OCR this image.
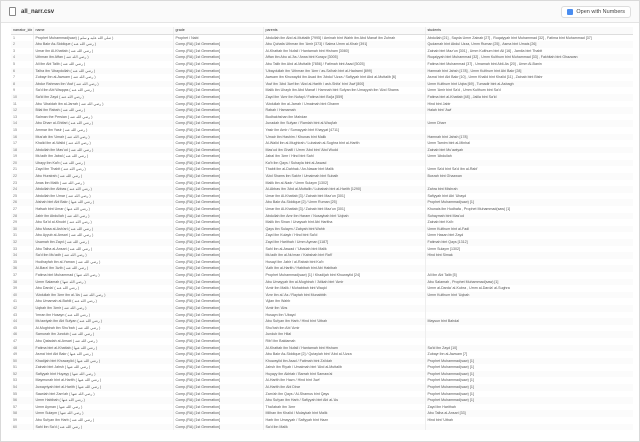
all_narr.csv	Open with Numbers
narrator_idx	name	grade	parents	students
1	Prophet Muhammad(saw) ( صلى الله عليه و سلم )	Prophet / Nabi	Abdullah ibn Abd al-Muttalib [7995] / Aminah bint Wahb ibn Abd Manaf ibn Zuhrah	Abdullah [21] , Sayda Umm Zainab [27] , Ruqaiyyah bint Muhammad [32] , Fatima bint Muhammad [37]
2	Abu Bakr As-Siddique ( رضي الله عنه )	Comp.(RA) [1st Generation]	Abu Quhafa Uthman ibn 'Amir [373] / Salma Umm al-Khair [391]	Qudamah bint Abdul Uzza, Umm Ruman [25] , Asma bint Umais [26]
3	Umar ibn Al-Khattab ( رضي الله عنه )	Comp.(RA) [1st Generation]	Al-Khattab ibn Nufail / Hantamah bint Hisham [3080]	Zainab bint Maz'un [301] , Umm Kulthum bint Ali [16] , Jamila bint Thabit
4	Uthman ibn Affan ( رضي الله عنه )	Comp.(RA) [1st Generation]	Affan ibn Abu al-'As / Arwa bint Kurayz [3005]	Ruqaiyyah bint Muhammad [32] , Umm Kulthum bint Muhammad [33] , Fakhitah bint Ghazwan
5	Ali ibn Abi Talib ( رضي الله عنه )	Comp.(RA) [1st Generation]	Abu Talib ibn Abd al-Muttalib [7856] / Fatimah bint Asad [5025]	Fatima bint Muhammad [37] , Umamah bint Abil-As [20] , Umm Al-Banin
6	Talha ibn 'Ubaydullah ( رضي الله عنه )	Comp.(RA) [1st Generation]	'Ubaydullah ibn 'Uthman ibn 'Amr / as-Sa'bah bint al-Hadrami [899]	Hamnah bint Jahsh [178] , Umm Kulthum bint Abi Bakr [28]
7	Zubayr ibn al-Awwam ( رضي الله عنه )	Comp.(RA) [1st Generation]	Awwam ibn Khuwaylid ibn Asad ibn 'Abdul 'Uzza / Safiyyah bint Abd al-Muttalib [6]	Asma' bint Abi Bakr [10] , Umm Khalid bint Khalid [11] , Zainab bint Bishr
8	Abdur Rahman ibn 'Awf ( رضي الله عنه )	Comp.(RA) [1st Generation]	'Awf ibn 'Abd 'Awf ibn 'Abd al-Harith / ash-Shifa' bint 'Awf [800]	Umm Kulthum bint Uqba [69] , Tumadir bint al-Asbagh
9	Sa'd ibn Abi Waqqas ( رضي الله عنه )	Comp.(RA) [1st Generation]	Malik ibn Uhayb ibn Abd Manaf / Hamnah bint Sufyan ibn Umayyah ibn 'Abd Shams	Umm 'Amir bint Sa'd , Umm Kulthum bint Sa'd
10	Sa'id ibn Zayd ( رضي الله عنه )	Comp.(RA) [1st Generation]	Zayd ibn 'Amr ibn Nufayl / Fatima bint Ba'ja [559]	Fatima bint al-Khattab [48] , Jalila bint Sa'id
11	Abu 'Ubaidah ibn al-Jarrah ( رضي الله عنه )	Comp.(RA) [1st Generation]	'Abdullah ibn al-Jarrah / Umaimah bint Ghanm	Hind bint Jabir
12	Bilal ibn Rabah ( رضي الله عنه )	Comp.(RA) [1st Generation]	Rabah / Hamamah	Halah bint 'Awf
13	Salman the Persian ( رضي الله عنه )	Comp.(RA) [1st Generation]	Budhakhshan ibn Mahdan	
14	Abu Dharr al-Ghifari ( رضي الله عنه )	Comp.(RA) [1st Generation]	Junadah ibn Sufyan / Ramlah bint al-Waqi'ah	Umm Dharr
15	Ammar ibn Yasir ( رضي الله عنه )	Comp.(RA) [1st Generation]	Yasir ibn Amir / Sumayyah bint Khayyat [4711]	
16	Mus'ab ibn 'Umair ( رضي الله عنه )	Comp.(RA) [1st Generation]	'Umair ibn Hashim / Khunas bint Malik	Hamnah bint Jahsh [178]
17	Khalid ibn al-Walid ( رضي الله عنه )	Comp.(RA) [1st Generation]	Al-Walid ibn al-Mughirah / Lubabah al-Sughra bint al-Harith	Umm Tamim bint al-Minhal
18	Abdullah ibn Mas'ud ( رضي الله عنه )	Comp.(RA) [1st Generation]	Mas'ud ibn Ghafil / Umm 'Abd bint 'Abd Wudd	Zainab bint Mu'awiyah
19	Mu'adh ibn Jabal ( رضي الله عنه )	Comp.(RA) [1st Generation]	Jabal ibn 'Amr / Hind bint Sahl	Umm 'Abdullah
20	Ubayy ibn Ka'b ( رضي الله عنه )	Comp.(RA) [1st Generation]	Ka'b ibn Qays / Suhayla bint al-Aswad	
21	Zayd ibn Thabit ( رضي الله عنه )	Comp.(RA) [1st Generation]	Thabit ibn al-Dahhak / An-Nawar bint Malik	Umm Sa'd bint Sa'd ibn al-Rabi'
22	Abu Hurairah ( رضي الله عنه )	Comp.(RA) [1st Generation]	'Abd Shams ibn Sakhr / Umaimah bint Subaih	Busrah bint Ghazwan
23	Anas ibn Malik ( رضي الله عنه )	Comp.(RA) [1st Generation]	Malik ibn al-Nadr / Umm Sulaym [1302]	
24	Abdullah ibn Abbas ( رضي الله عنه )	Comp.(RA) [1st Generation]	Al-Abbas ibn 'Abd al-Muttalib / Lubabah bint al-Harith [1290]	Zahra bint Mishrah
25	Abdullah ibn Umar ( رضي الله عنه )	Comp.(RA) [1st Generation]	Umar ibn Al-Khattab [3] / Zainab bint Maz'un [301]	Safiyyah bint Abi 'Ubayd
26	Aishah bint Abi Bakr ( رضي الله عنها )	Comp.(RA) [1st Generation]	Abu Bakr As-Siddique [2] / Umm Ruman [25]	Prophet Muhammad(saw) [1]
27	Hafsah bint Umar ( رضي الله عنها )	Comp.(RA) [1st Generation]	Umar ibn Al-Khattab [3] / Zainab bint Maz'un [301]	Khunais ibn Hudhafa , Prophet Muhammad(saw) [1]
28	Jabir ibn Abdullah ( رضي الله عنه )	Comp.(RA) [1st Generation]	Abdullah ibn Amr ibn Haram / Nusaybah bint 'Uqbah	Suhaymah bint Mas'ud
29	Abu Sa'id al-Khudri ( رضي الله عنه )	Comp.(RA) [1st Generation]	Malik ibn Sinan / Unaysah bint Abi Haritha	Zainab bint Ka'b
30	Abu Musa al-Ash'ari ( رضي الله عنه )	Comp.(RA) [1st Generation]	Qays ibn Sulaym / Zabyah bint Wahb	Umm Kulthum bint al-Fadl
31	Abu Ayyub al-Ansari ( رضي الله عنه )	Comp.(RA) [1st Generation]	Zayd ibn Kulayb / Hind bint Sa'id	Umm Hasan bint Zayd
32	Usamah ibn Zayd ( رضي الله عنه )	Comp.(RA) [1st Generation]	Zayd ibn Harithah / Umm Ayman [1187]	Fatimah bint Qays [1312]
33	Abu Talha al-Ansari ( رضي الله عنه )	Comp.(RA) [1st Generation]	Sahl ibn al-Aswad / 'Ubadah bint Malik	Umm Sulaym [1302]
34	Sa'd ibn Mu'adh ( رضي الله عنه )	Comp.(RA) [1st Generation]	Mu'adh ibn al-Nu'man / Kabshah bint Rafi'	Hind bint Simak
35	Hudhayfah ibn al-Yaman ( رضي الله عنه )	Comp.(RA) [1st Generation]	Husayl ibn Jabir / al-Rabab bint Ka'b	
36	Al-Bara' ibn 'Azib ( رضي الله عنه )	Comp.(RA) [1st Generation]	'Azib ibn al-Harith / Habibah bint Abi Habibah	
37	Fatima bint Muhammad ( رضي الله عنها )	Comp.(RA) [1st Generation]	Prophet Muhammad(saw) [1] / Khadijah bint Khuwaylid [24]	Ali ibn Abi Talib [5]
38	Umm Salamah ( رضي الله عنها )	Comp.(RA) [1st Generation]	Abu Umayyah ibn al-Mughirah / 'Atikah bint 'Amir	Abu Salamah , Prophet Muhammad(saw) [1]
39	Abu Darda' ( رضي الله عنه )	Comp.(RA) [1st Generation]	'Amir ibn Malik / Muhabbah bint Waqid	Umm al-Darda' al-Kubra , Umm al-Darda' al-Sughra
40	'Abdullah ibn 'Amr ibn al-'As ( رضي الله عنه )	Comp.(RA) [1st Generation]	'Amr ibn al-'As / Raytah bint Munabbih	Umm Kulthum bint 'Uqbah
41	Abu Umamah al-Bahili ( رضي الله عنه )	Comp.(RA) [1st Generation]	'Ajlan ibn Wahb	
42	Uqbah ibn 'Amir ( رضي الله عنه )	Comp.(RA) [1st Generation]	'Amir ibn 'Abs	
43	'Imran ibn Husayn ( رضي الله عنه )	Comp.(RA) [1st Generation]	Husayn ibn 'Ubayd	
44	Mu'awiyah ibn Abi Sufyan ( رضي الله عنه )	Comp.(RA) [1st Generation]	Abu Sufyan ibn Harb / Hind bint 'Utbah	Maysun bint Bahdal
45	Al-Mughirah ibn Shu'bah ( رضي الله عنه )	Comp.(RA) [1st Generation]	Shu'bah ibn Abi 'Amir	
46	Samurah ibn Jundub ( رضي الله عنه )	Comp.(RA) [1st Generation]	Jundub ibn Hilal	
47	Abu Qatadah al-Ansari ( رضي الله عنه )	Comp.(RA) [1st Generation]	Rib'i ibn Baldamah	
48	Fatima bint al-Khattab ( رضي الله عنها )	Comp.(RA) [1st Generation]	Al-Khattab ibn Nufail / Hantamah bint Hisham	Sa'id ibn Zayd [10]
49	Asma' bint Abi Bakr ( رضي الله عنها )	Comp.(RA) [1st Generation]	Abu Bakr As-Siddique [2] / Qutaylah bint 'Abd al-'Uzza	Zubayr ibn al-Awwam [7]
50	Khadijah bint Khuwaylid ( رضي الله عنها )	Comp.(RA) [1st Generation]	Khuwaylid ibn Asad / Fatimah bint Za'idah	Prophet Muhammad(saw) [1]
51	Zainab bint Jahsh ( رضي الله عنها )	Comp.(RA) [1st Generation]	Jahsh ibn Riyab / Umaimah bint 'Abd al-Muttalib	Prophet Muhammad(saw) [1]
52	Safiyyah bint Huyayy ( رضي الله عنها )	Comp.(RA) [1st Generation]	Huyayy ibn Akhtab / Barrah bint Samaw'al	Prophet Muhammad(saw) [1]
53	Maymunah bint al-Harith ( رضي الله عنها )	Comp.(RA) [1st Generation]	Al-Harith ibn Hazn / Hind bint 'Awf	Prophet Muhammad(saw) [1]
54	Juwayriyah bint al-Harith ( رضي الله عنها )	Comp.(RA) [1st Generation]	Al-Harith ibn Abi Dirar	Prophet Muhammad(saw) [1]
55	Sawdah bint Zam'ah ( رضي الله عنها )	Comp.(RA) [1st Generation]	Zam'ah ibn Qays / Al-Shamus bint Qays	Prophet Muhammad(saw) [1]
56	Umm Habibah ( رضي الله عنها )	Comp.(RA) [1st Generation]	Abu Sufyan ibn Harb / Safiyyah bint Abi al-'As	Prophet Muhammad(saw) [1]
57	Umm Ayman ( رضي الله عنها )	Comp.(RA) [1st Generation]	Tha'labah ibn 'Amr	Zayd ibn Harithah
58	Umm Sulaym ( رضي الله عنها )	Comp.(RA) [1st Generation]	Milhan ibn Khalid / Mulaykah bint Malik	Abu Talha al-Ansari [33]
59	Abu Sufyan ibn Harb ( رضي الله عنه )	Comp.(RA) [1st Generation]	Harb ibn Umayyah / Safiyyah bint Hazn	Hind bint 'Utbah
60	Sahl ibn Sa'd ( رضي الله عنه )	Comp.(RA) [1st Generation]	Sa'd ibn Malik	
